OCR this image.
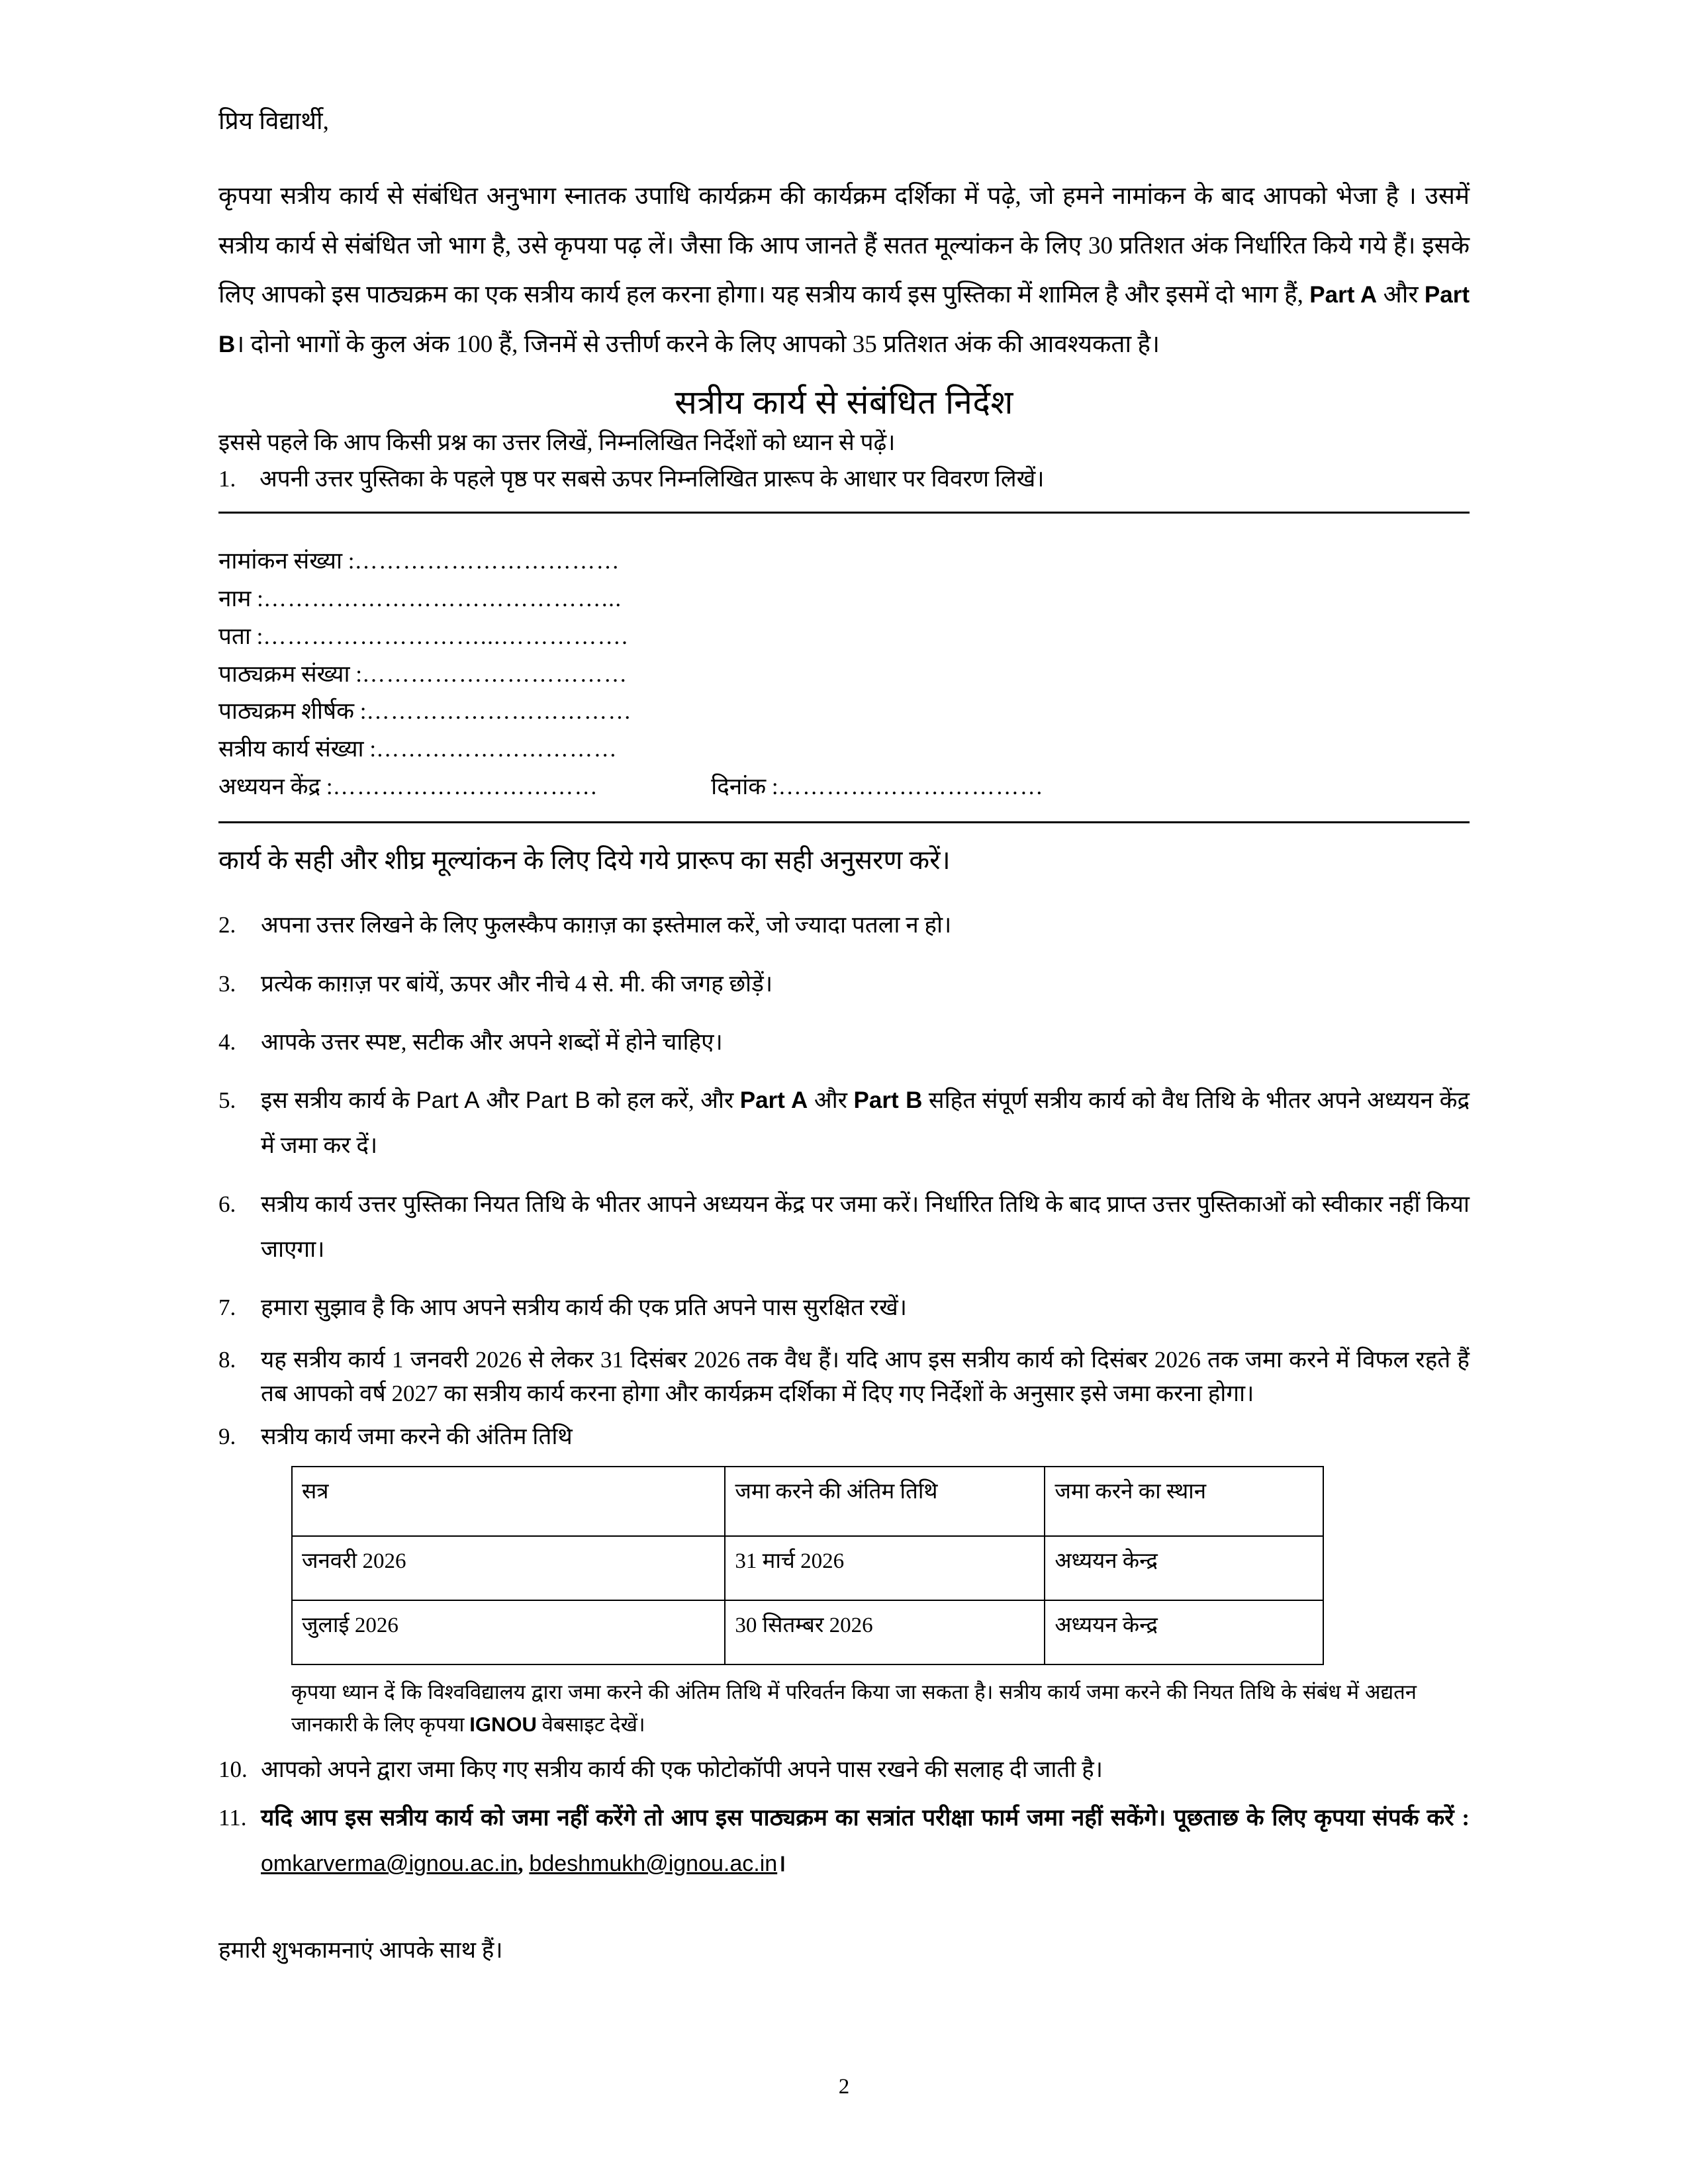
प्रिय विद्यार्थी,

कृपया सत्रीय कार्य से संबंधित अनुभाग स्नातक उपाधि कार्यक्रम की कार्यक्रम दर्शिका में पढ़े, जो हमने नामांकन के बाद आपको भेजा है । उसमें सत्रीय कार्य से संबंधित जो भाग है, उसे कृपया पढ़ लें। जैसा कि आप जानते हैं सतत मूल्यांकन के लिए 30 प्रतिशत अंक निर्धारित किये गये हैं। इसके लिए आपको इस पाठ्यक्रम का एक सत्रीय कार्य हल करना होगा। यह सत्रीय कार्य इस पुस्तिका में शामिल है और इसमें दो भाग हैं, Part A और Part B। दोनो भागों के कुल अंक 100 हैं, जिनमें से उत्तीर्ण करने के लिए आपको 35 प्रतिशत अंक की आवश्यकता है।

सत्रीय कार्य से संबंधित निर्देश

इससे पहले कि आप किसी प्रश्न का उत्तर लिखें, निम्नलिखित निर्देशों को ध्यान से पढ़ें।

1.	अपनी उत्तर पुस्तिका के पहले पृष्ठ पर सबसे ऊपर निम्नलिखित प्रारूप के आधार पर विवरण लिखें।
नामांकन संख्या : ……………………………
नाम : ……………………………………...
पता : ………………………...…………….
पाठ्यक्रम संख्या : ……………………………
पाठ्यक्रम शीर्षक : ……………………………
सत्रीय कार्य संख्या : …………………………
अध्ययन केंद्र : ……………………………	दिनांक : ……………………………

कार्य के सही और शीघ्र मूल्यांकन के लिए दिये गये प्रारूप का सही अनुसरण करें।

2.	अपना उत्तर लिखने के लिए फुलस्कैप काग़ज़ का इस्तेमाल करें, जो ज्यादा पतला न हो।
3.	प्रत्येक काग़ज़ पर बांयें, ऊपर और नीचे 4 से. मी. की जगह छोड़ें।
4.	आपके उत्तर स्पष्ट, सटीक और अपने शब्दों में होने चाहिए।
5.	इस सत्रीय कार्य के Part A और Part B को हल करें, और Part A और Part B सहित संपूर्ण सत्रीय कार्य को वैध तिथि के भीतर अपने अध्ययन केंद्र में जमा कर दें।
6.	सत्रीय कार्य उत्तर पुस्तिका नियत तिथि के भीतर आपने अध्ययन केंद्र पर जमा करें। निर्धारित तिथि के बाद प्राप्त उत्तर पुस्तिकाओं को स्वीकार नहीं किया जाएगा।
7.	हमारा सुझाव है कि आप अपने सत्रीय कार्य की एक प्रति अपने पास सुरक्षित रखें।
8.	यह सत्रीय कार्य 1 जनवरी 2026 से लेकर 31 दिसंबर 2026 तक वैध हैं। यदि आप इस सत्रीय कार्य को दिसंबर 2026 तक जमा करने में विफल रहते हैं तब आपको वर्ष 2027 का सत्रीय कार्य करना होगा और कार्यक्रम दर्शिका में दिए गए निर्देशों के अनुसार इसे जमा करना होगा।
9.	सत्रीय कार्य जमा करने की अंतिम तिथि
सत्र	जमा करने की अंतिम तिथि	जमा करने का स्थान
जनवरी 2026	31 मार्च 2026	अध्ययन केन्द्र
जुलाई 2026	30 सितम्बर 2026	अध्ययन केन्द्र

कृपया ध्यान दें कि विश्वविद्यालय द्वारा जमा करने की अंतिम तिथि में परिवर्तन किया जा सकता है। सत्रीय कार्य जमा करने की नियत तिथि के संबंध में अद्यतन जानकारी के लिए कृपया IGNOU वेबसाइट देखें।

10. आपको अपने द्वारा जमा किए गए सत्रीय कार्य की एक फोटोकॉपी अपने पास रखने की सलाह दी जाती है।
11. यदि आप इस सत्रीय कार्य को जमा नहीं करेंगे तो आप इस पाठ्यक्रम का सत्रांत परीक्षा फार्म जमा नहीं सकेंगे। पूछताछ के लिए कृपया संपर्क करें : omkarverma@ignou.ac.in, bdeshmukh@ignou.ac.in।

हमारी शुभकामनाएं आपके साथ हैं।

2
